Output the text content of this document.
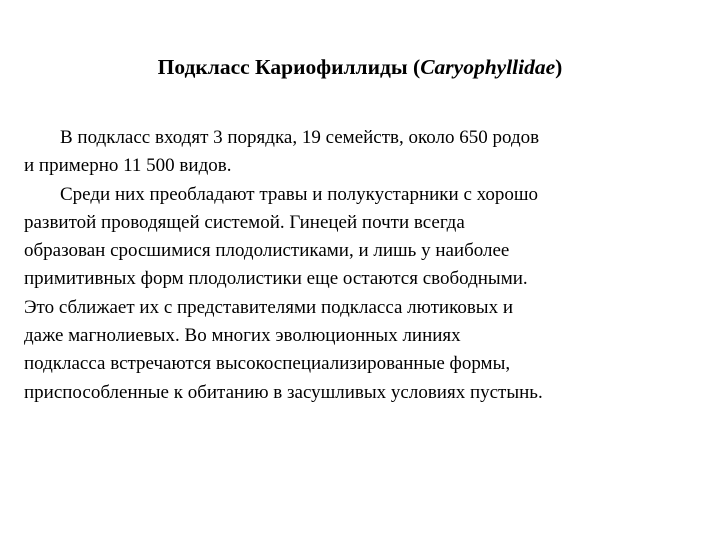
Подкласс Кариофиллиды (Caryophyllidae)
В подкласс входят 3 порядка, 19 семейств, около 650 родов
и примерно 11 500 видов.
Среди них преобладают травы и полукустарники с хорошо
развитой проводящей системой. Гинецей почти всегда
образован сросшимися плодолистиками, и лишь у наиболее
примитивных форм плодолистики еще остаются свободными.
Это сближает их с представителями подкласса лютиковых и
даже магнолиевых. Во многих эволюционных линиях
подкласса встречаются высокоспециализированные формы,
приспособленные к обитанию в засушливых условиях пустынь.
